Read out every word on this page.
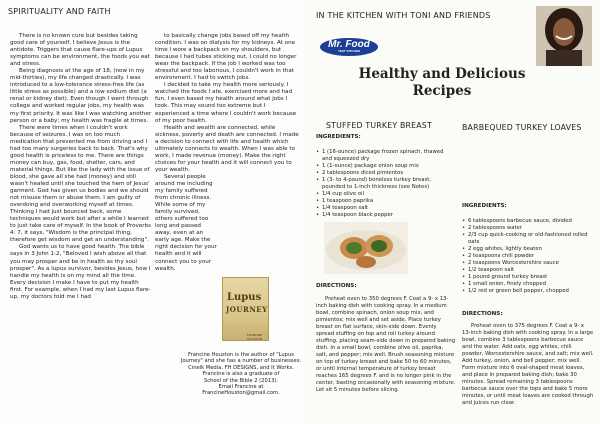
SPIRITUALITY AND FAITH

There is no known cure but besides taking good care of yourself, I believe Jesus is the antidote. Triggers that cause flare-ups of Lupus symptoms can be environment, the foods you eat and stress.

Being diagnosis at the age of 18, (now in my mid-thirties), my life changed drastically. I was introduced to a low-tolerance stress-free life (as little stress as possible) and a low sodium diet (a renal or kidney diet). Even though I went through college and worked regular jobs, my health was my first priority. It was like I was watching another person or a baby; my health was fragile at times.

There were times when I couldn't work because of seizures. I was on too much medication that prevented me from driving and I had too many surgeries back to back. That's why good health is priceless to me. There are things money can buy, gas, food, shelter, cars, and material things. But like the lady with the issue of blood, she gave all she had (money) and still wasn't healed until she touched the hem of Jesus' garment. God has given us bodies and we should not misuse them or abuse them. I am guilty of overdoing and overworking myself at times. Thinking I had just bounced back, some techniques would work but after a while I learned to just take care of myself. In the book of Proverbs 4: 7, it says, "Wisdom is the principal thing, therefore get wisdom and get an understanding".

God wants us to have good health. The bible says in 3 John 1:2, "Beloved I wish above all that you may prosper and be in health as thy soul prosper". As a lupus survivor, besides Jesus, how I handle my health is on my mind all the time. Every decision I make I have to put my health first. For example, when I had my last Lupus flare-up, my doctors told me I had

to basically change jobs based off my health condition. I was on dialysis for my kidneys. At one time I wore a backpack on my shoulders, but because I had tubes sticking out, I could no longer wear the backpack. If the job I worked was too stressful and too laborious, I couldn't work in that environment. I had to switch jobs.

I decided to take my health more seriously. I watched the foods I ate, exercised more and had fun. I even based my health around what jobs I took. This may sound too extreme but I experienced a time where I couldn't work because of my poor health.

Health and wealth are connected, while sickness, poverty and death are connected. I made a decision to connect with life and health which ultimately connects to wealth. When I was able to work, I made revenue (money). Make the right choices for your health and it will connect you to your wealth.

Several people around me including my family suffered from chronic illness. While some of my family survived, others suffered too long and passed away, even at an early age. Make the right decision for your health and it will connect you to your wealth.

Lupus
JOURNEY
FRANCINE HOUSTON
Francine Houston is the author of "Lupus
Journey" and she has a number of businesses:
Cinelk Media, FH DESIGNS, and It Works.
Francine is also a graduate of
School of the Bible 2 (2013).
Email Francine at
FrancineHouston@gmail.com.
IN THE KITCHEN WITH TONI AND FRIENDS
Mr. Food
TEST KITCHEN
Healthy and Delicious
Recipes
STUFFED TURKEY BREAST
INGREDIENTS:
• 1 (16-ounce) package frozen spinach, thawed and squeezed dry
• 1 (1-ounce) package onion soup mix
• 2 tablespoons diced pimientos
• 1 (3- to 4-pound) boneless turkey breast, pounded to 1-inch thickness (see Notes)
• 1/4 cup olive oil
• 1 teaspoon paprika
• 1/4 teaspoon salt
• 1/4 teaspoon black pepper
DIRECTIONS:

Preheat oven to 350 degrees F. Coat a 9- x 13-inch baking dish with cooking spray. In a medium bowl, combine spinach, onion soup mix, and pimientos; mix well and set aside. Place turkey breast on flat surface, skin-side down. Evenly spread stuffing on top and roll turkey around stuffing, placing seam-side down in prepared baking dish. In a small bowl, combine olive oil, paprika, salt, and pepper; mix well. Brush seasoning mixture on top of turkey breast and bake 50 to 60 minutes, or until internal temperature of turkey breast reaches 165 degrees F. and is no longer pink in the center, basting occasionally with seasoning mixture. Let sit 5 minutes before slicing.

BARBEQUED TURKEY LOAVES
INGREDIENTS:
• 6 tablespoons barbecue sauce, divided
• 2 tablespoons water
• 2/3 cup quick-cooking or old-fashioned rolled oats
• 2 egg whites, lightly beaten
• 2 teaspoons chili powder
• 2 teaspoons Worcestershire sauce
• 1/2 teaspoon salt
• 1 pound ground turkey breast
• 1 small onion, finely chopped
• 1/2 red or green bell pepper, chopped
DIRECTIONS:

Preheat oven to 375 degrees F. Coat a 9- x 13-inch baking dish with cooking spray. In a large bowl, combine 3 tablespoons barbecue sauce and the water. Add oats, egg whites, chili powder, Worcestershire sauce, and salt; mix well. Add turkey, onion, and bell pepper; mix well. Form mixture into 6 oval-shaped meat loaves, and place in prepared baking dish; bake 30 minutes. Spread remaining 3 tablespoons barbecue sauce over the tops and bake 5 more minutes, or until meat loaves are cooked through and juices run clear.
